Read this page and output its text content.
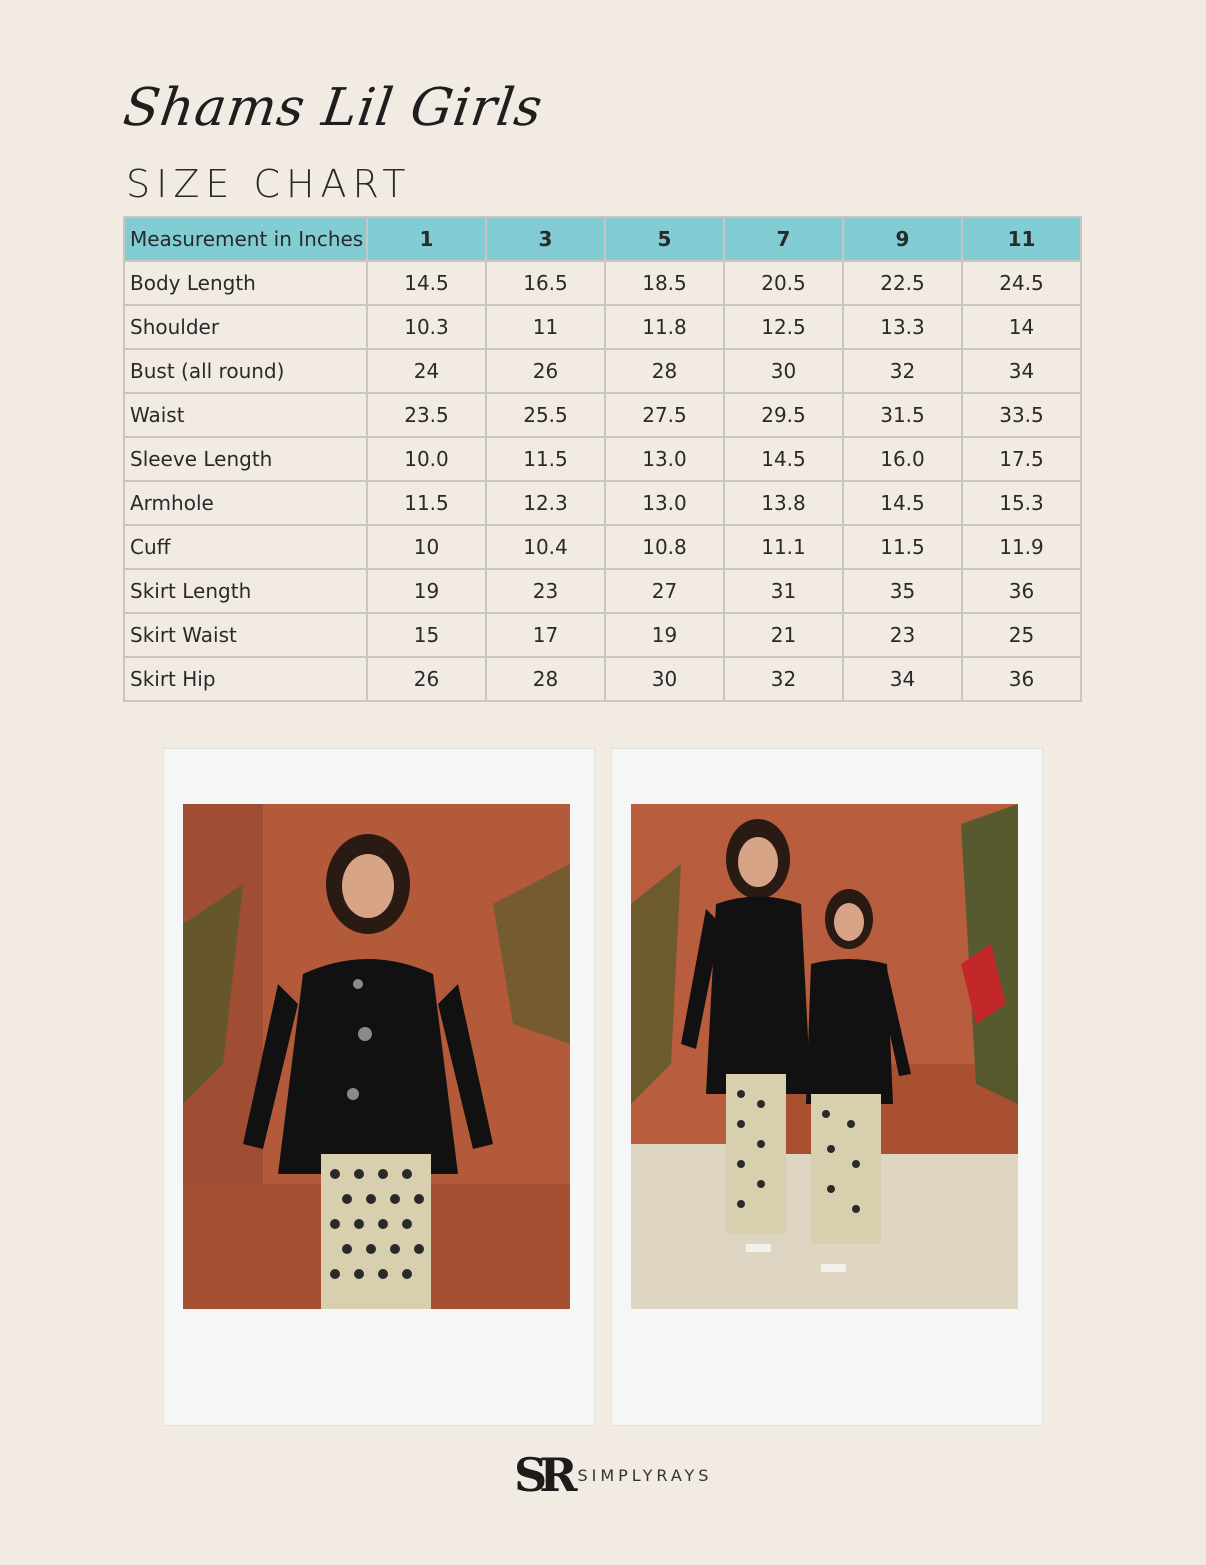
Shams Lil Girls
SIZE CHART
Measurement in Inches	1	3	5	7	9	11
Body Length	14.5	16.5	18.5	20.5	22.5	24.5
Shoulder	10.3	11	11.8	12.5	13.3	14
Bust (all round)	24	26	28	30	32	34
Waist	23.5	25.5	27.5	29.5	31.5	33.5
Sleeve Length	10.0	11.5	13.0	14.5	16.0	17.5
Armhole	11.5	12.3	13.0	13.8	14.5	15.3
Cuff	10	10.4	10.8	11.1	11.5	11.9
Skirt Length	19	23	27	31	35	36
Skirt Waist	15	17	19	21	23	25
Skirt Hip	26	28	30	32	34	36
SR SIMPLYRAYS
